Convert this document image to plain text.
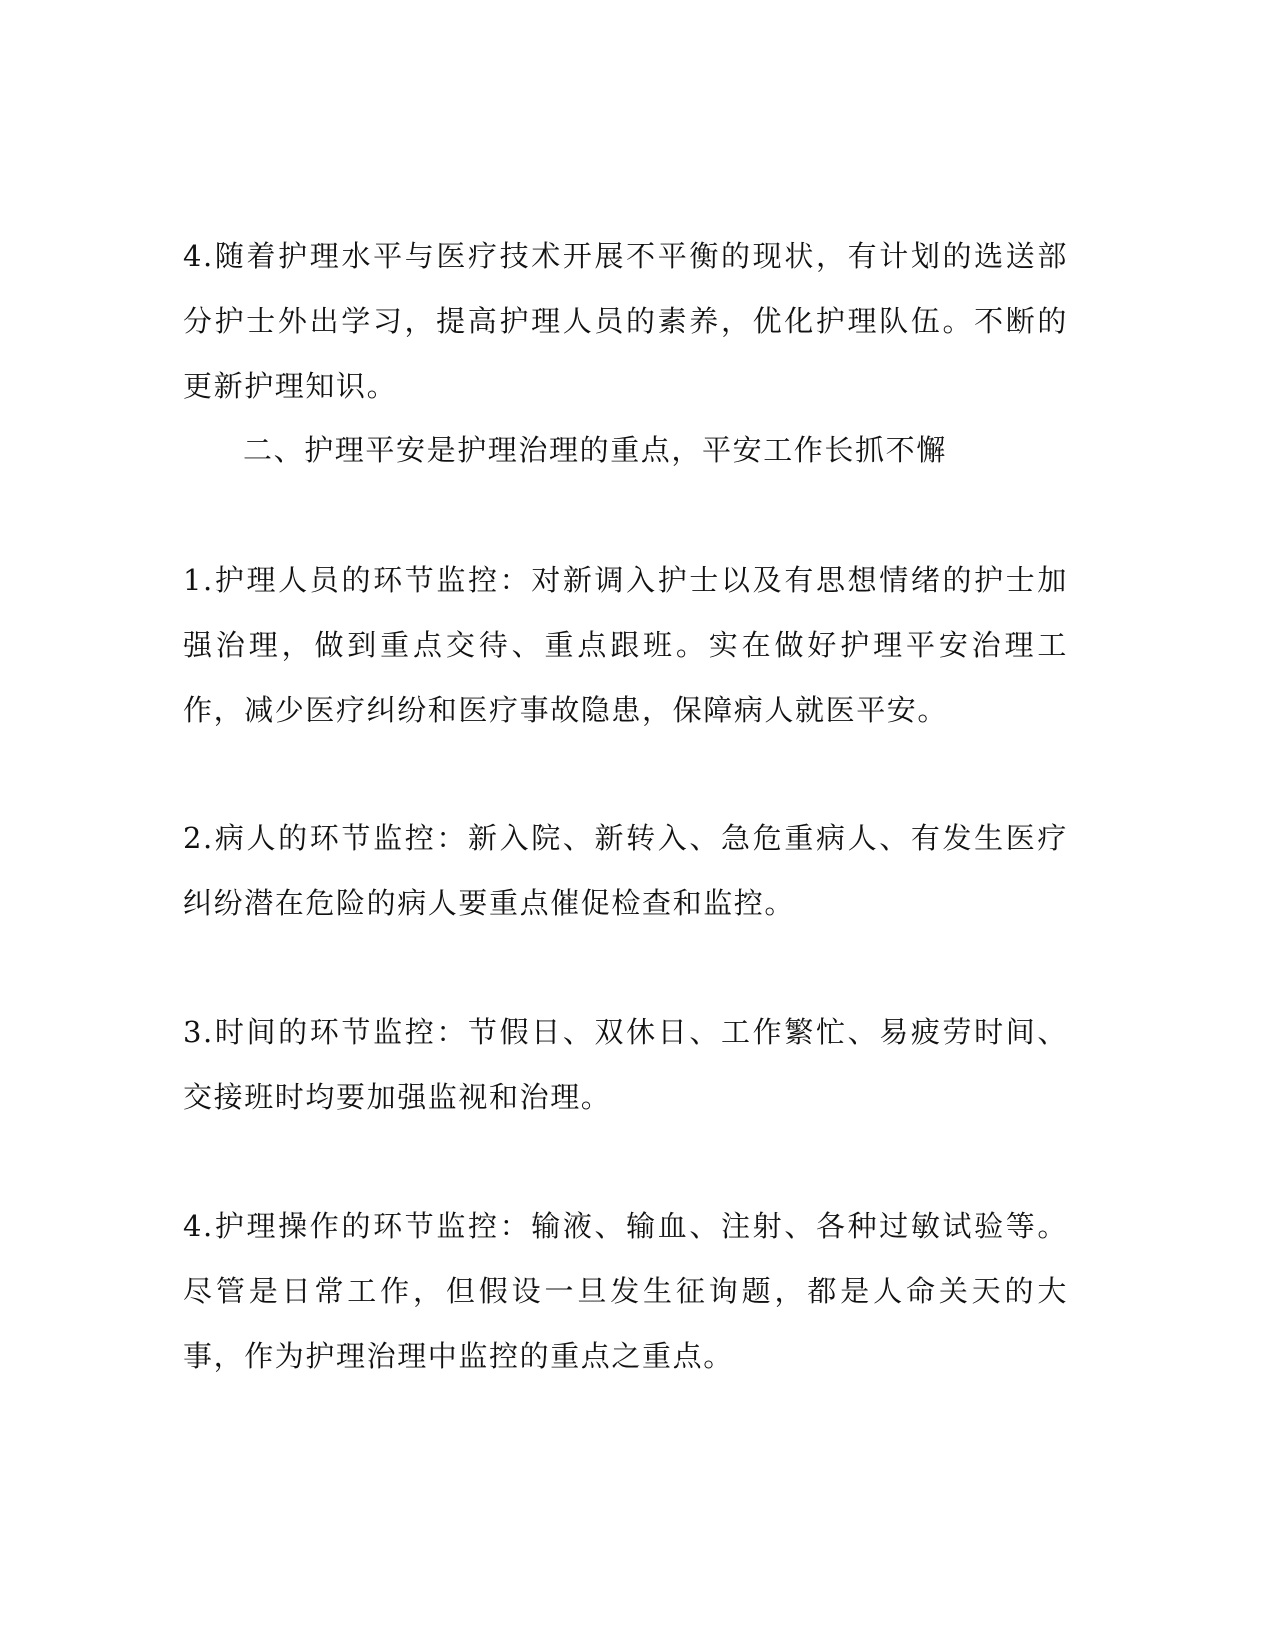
4.随着护理水平与医疗技术开展不平衡的现状，有计划的选送部分护士外出学习，提高护理人员的素养，优化护理队伍。不断的更新护理知识。

二、护理平安是护理治理的重点，平安工作长抓不懈

1.护理人员的环节监控：对新调入护士以及有思想情绪的护士加强治理，做到重点交待、重点跟班。实在做好护理平安治理工作，减少医疗纠纷和医疗事故隐患，保障病人就医平安。

2.病人的环节监控：新入院、新转入、急危重病人、有发生医疗纠纷潜在危险的病人要重点催促检查和监控。

3.时间的环节监控：节假日、双休日、工作繁忙、易疲劳时间、交接班时均要加强监视和治理。

4.护理操作的环节监控：输液、输血、注射、各种过敏试验等。尽管是日常工作，但假设一旦发生征询题，都是人命关天的大事，作为护理治理中监控的重点之重点。
